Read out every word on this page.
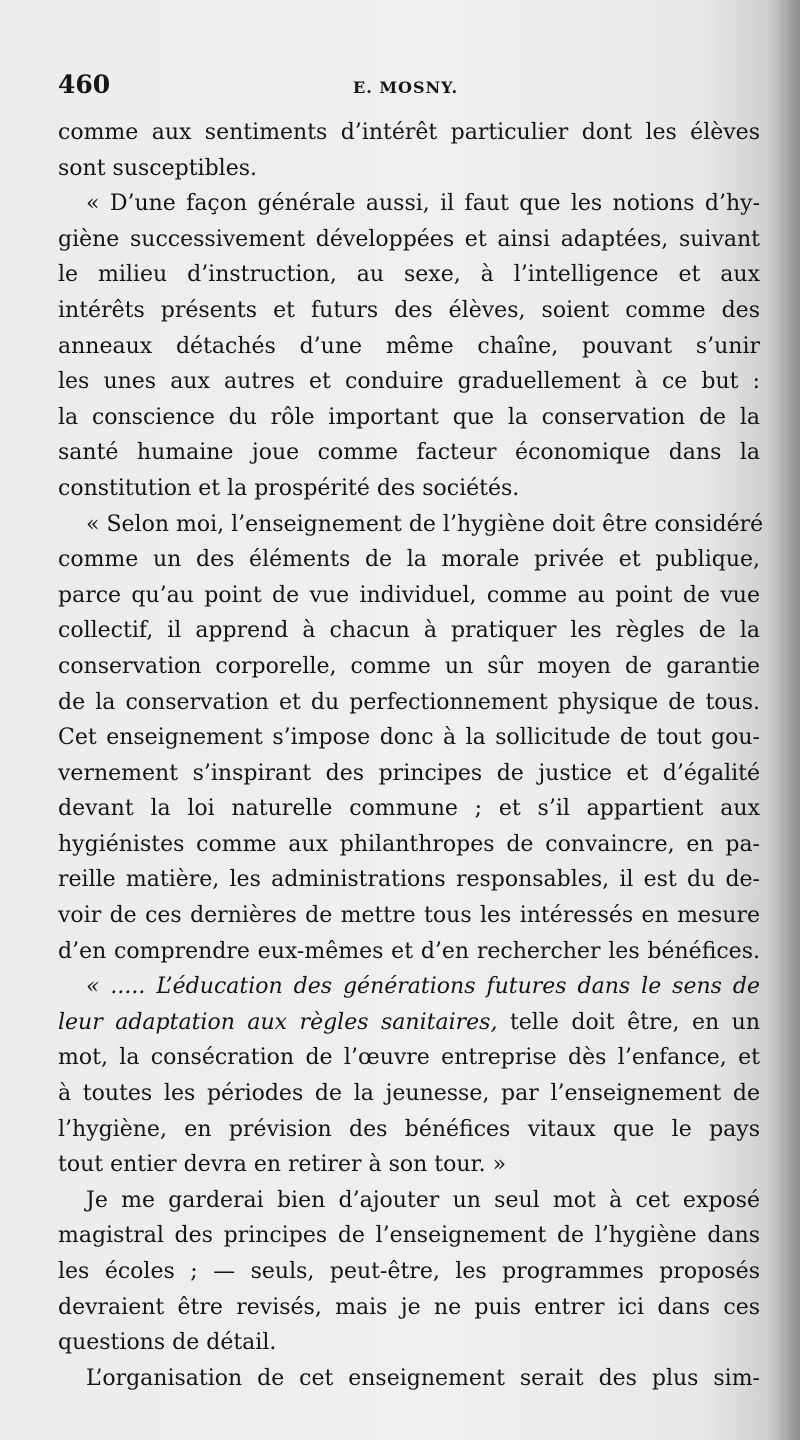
460	E. MOSNY.
comme aux sentiments d’intérêt particulier dont les élèves
sont susceptibles.
« D’une façon générale aussi, il faut que les notions d’hy-
giène successivement développées et ainsi adaptées, suivant
le milieu d’instruction, au sexe, à l’intelligence et aux
intérêts présents et futurs des élèves, soient comme des
anneaux détachés d’une même chaîne, pouvant s’unir
les unes aux autres et conduire graduellement à ce but :
la conscience du rôle important que la conservation de la
santé humaine joue comme facteur économique dans la
constitution et la prospérité des sociétés.
« Selon moi, l’enseignement de l’hygiène doit être considéré
comme un des éléments de la morale privée et publique,
parce qu’au point de vue individuel, comme au point de vue
collectif, il apprend à chacun à pratiquer les règles de la
conservation corporelle, comme un sûr moyen de garantie
de la conservation et du perfectionnement physique de tous.
Cet enseignement s’impose donc à la sollicitude de tout gou-
vernement s’inspirant des principes de justice et d’égalité
devant la loi naturelle commune ; et s’il appartient aux
hygiénistes comme aux philanthropes de convaincre, en pa-
reille matière, les administrations responsables, il est du de-
voir de ces dernières de mettre tous les intéressés en mesure
d’en comprendre eux-mêmes et d’en rechercher les bénéfices.
« ..... L’éducation des générations futures dans le sens de
leur adaptation aux règles sanitaires, telle doit être, en un
mot, la consécration de l’œuvre entreprise dès l’enfance, et
à toutes les périodes de la jeunesse, par l’enseignement de
l’hygiène, en prévision des bénéfices vitaux que le pays
tout entier devra en retirer à son tour. »
Je me garderai bien d’ajouter un seul mot à cet exposé
magistral des principes de l’enseignement de l’hygiène dans
les écoles ; — seuls, peut-être, les programmes proposés
devraient être revisés, mais je ne puis entrer ici dans ces
questions de détail.
L’organisation de cet enseignement serait des plus sim-
